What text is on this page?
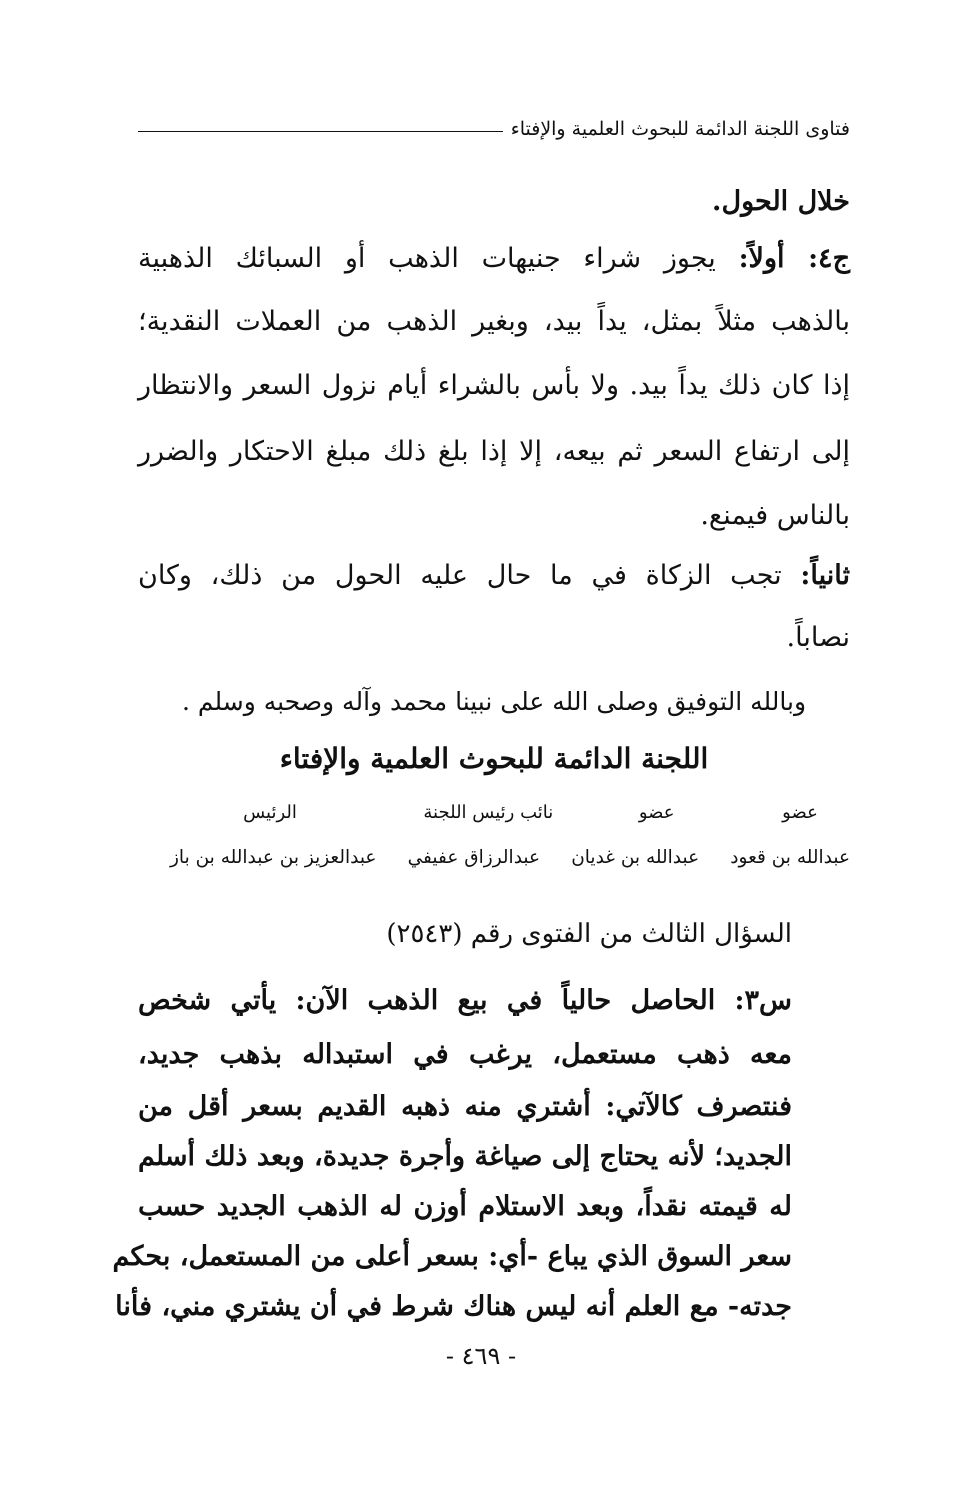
فتاوى اللجنة الدائمة للبحوث العلمية والإفتاء
خلال الحول.
ج٤: أولاً: يجوز شراء جنيهات الذهب أو السبائك الذهبية
بالذهب مثلاً بمثل، يداً بيد، وبغير الذهب من العملات النقدية؛
إذا كان ذلك يداً بيد. ولا بأس بالشراء أيام نزول السعر والانتظار
إلى ارتفاع السعر ثم بيعه، إلا إذا بلغ ذلك مبلغ الاحتكار والضرر
بالناس فيمنع.
ثانياً: تجب الزكاة في ما حال عليه الحول من ذلك، وكان
نصاباً.
وبالله التوفيق وصلى الله على نبينا محمد وآله وصحبه وسلم .
اللجنة الدائمة للبحوث العلمية والإفتاء
عضو
عضو
نائب رئيس اللجنة
الرئيس
عبدالله بن قعود
عبدالله بن غديان
عبدالرزاق عفيفي
عبدالعزيز بن عبدالله بن باز
السؤال الثالث من الفتوى رقم (٢٥٤٣)
س٣: الحاصل حالياً في بيع الذهب الآن: يأتي شخص
معه ذهب مستعمل، يرغب في استبداله بذهب جديد،
فنتصرف كالآتي: أشتري منه ذهبه القديم بسعر أقل من
الجديد؛ لأنه يحتاج إلى صياغة وأجرة جديدة، وبعد ذلك أسلم
له قيمته نقداً، وبعد الاستلام أوزن له الذهب الجديد حسب
سعر السوق الذي يباع -أي: بسعر أعلى من المستعمل، بحكم
جدته- مع العلم أنه ليس هناك شرط في أن يشتري مني، فأنا
- ٤٦٩ -
